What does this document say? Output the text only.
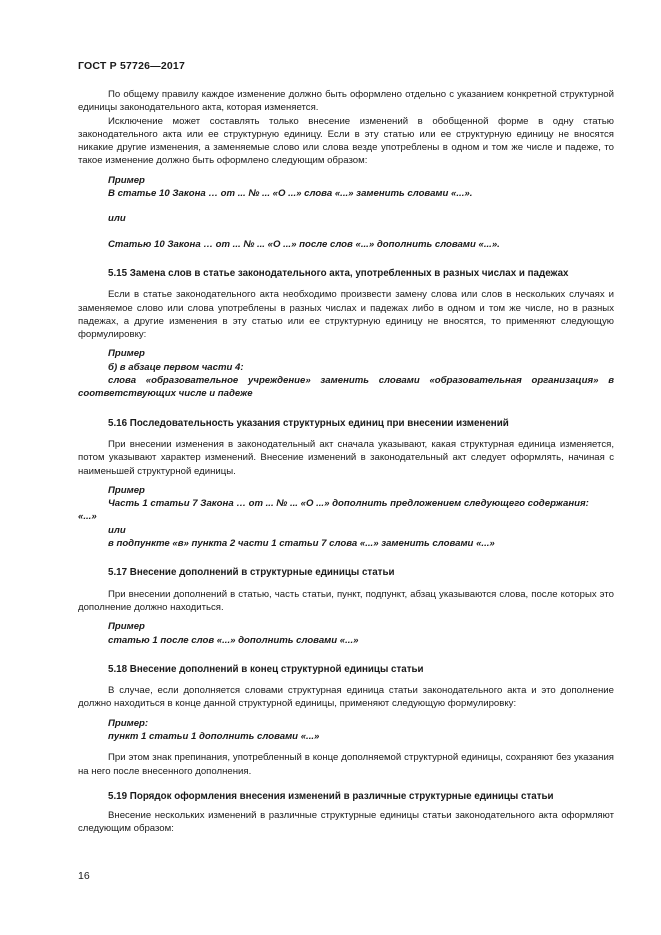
ГОСТ Р 57726—2017

По общему правилу каждое изменение должно быть оформлено отдельно с указанием конкретной структурной единицы законодательного акта, которая изменяется.

Исключение может составлять только внесение изменений в обобщенной форме в одну статью законодательного акта или ее структурную единицу. Если в эту статью или ее структурную единицу не вносятся никакие другие изменения, а заменяемые слово или слова везде употреблены в одном и том же числе и падеже, то такое изменение должно быть оформлено следующим образом:

Пример

В статье 10 Закона … от ... № ... «О ...» слова «...» заменить словами «...».

или

Статью 10 Закона … от ... № ... «О ...» после слов «...» дополнить словами «...».

5.15 Замена слов в статье законодательного акта, употребленных в разных числах и падежах

Если в статье законодательного акта необходимо произвести замену слова или слов в нескольких случаях и заменяемое слово или слова употреблены в разных числах и падежах либо в одном и том же числе, но в разных падежах, а другие изменения в эту статью или ее структурную единицу не вносятся, то применяют следующую формулировку:

Пример

б) в абзаце первом части 4:

слова «образовательное учреждение» заменить словами «образовательная организация» в соответствующих числе и падеже

5.16 Последовательность указания структурных единиц при внесении изменений

При внесении изменения в законодательный акт сначала указывают, какая структурная единица изменяется, потом указывают характер изменений. Внесение изменений в законодательный акт следует оформлять, начиная с наименьшей структурной единицы.

Пример

Часть 1 статьи 7 Закона … от ... № ... «О ...» дополнить предложением следующего содержания:

«...»

или

в подпункте «в» пункта 2 части 1 статьи 7 слова «...» заменить словами «...»

5.17 Внесение дополнений в структурные единицы статьи

При внесении дополнений в статью, часть статьи, пункт, подпункт, абзац указываются слова, после которых это дополнение должно находиться.

Пример

статью 1 после слов «...» дополнить словами «...»

5.18 Внесение дополнений в конец структурной единицы статьи

В случае, если дополняется словами структурная единица статьи законодательного акта и это дополнение должно находиться в конце данной структурной единицы, применяют следующую формулировку:

Пример:

пункт 1 статьи 1 дополнить словами «...»

При этом знак препинания, употребленный в конце дополняемой структурной единицы, сохраняют без указания на него после внесенного дополнения.

5.19 Порядок оформления внесения изменений в различные структурные единицы статьи

Внесение нескольких изменений в различные структурные единицы статьи законодательного акта оформляют следующим образом:

16
